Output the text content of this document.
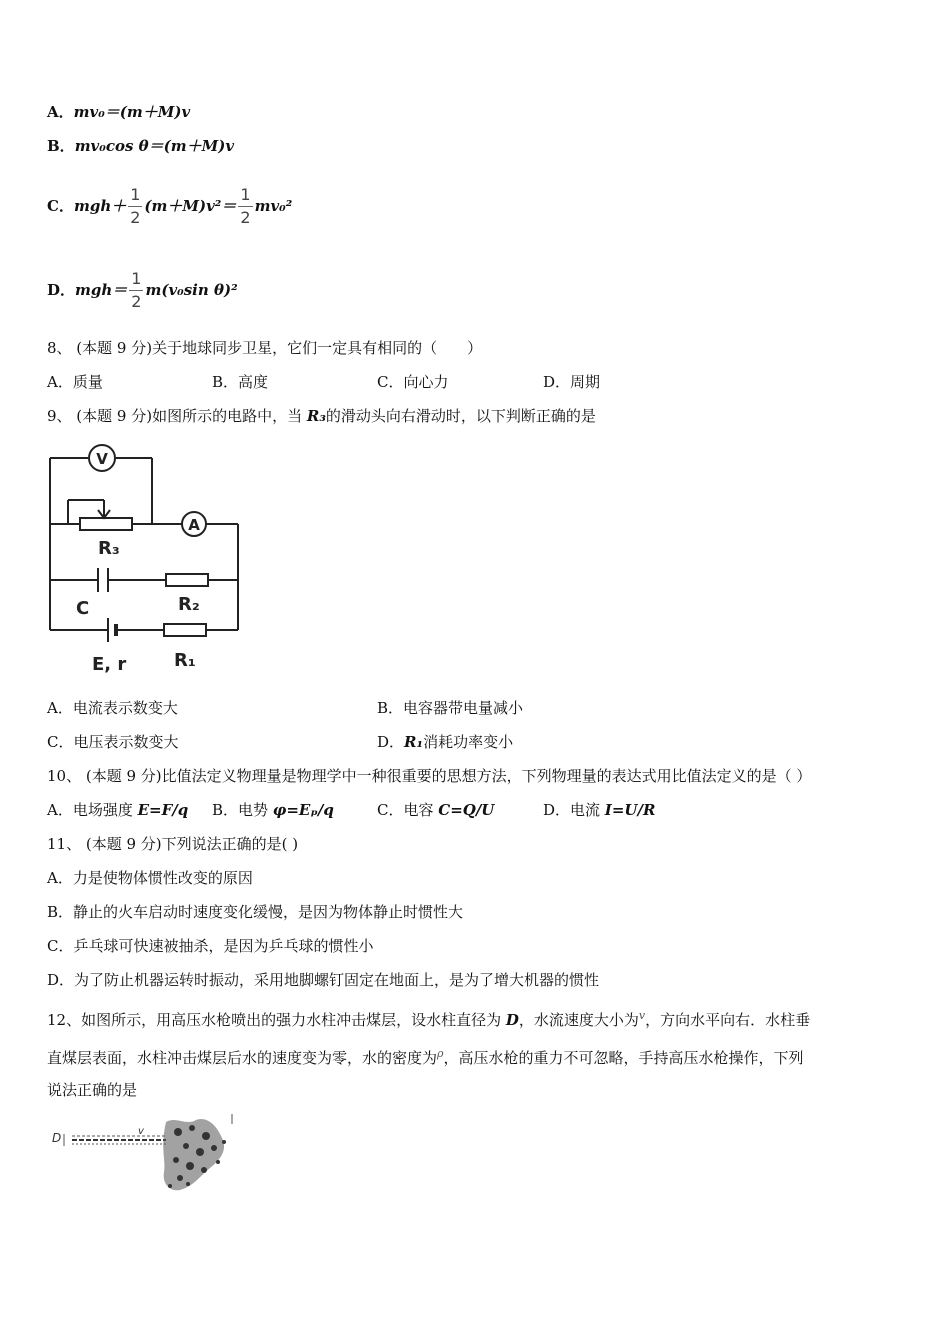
A．mv₀＝(m＋M)v
B．mv₀cos θ＝(m＋M)v
C． $mgh+ \frac{1}{2} (m+M)v^2= \frac{1}{2} mv_0^2$
D． $mgh= \frac{1}{2} m(v_0\sin$ θ)²
8、 (本题 9 分)关于地球同步卫星，它们一定具有相同的（　　）
A．质量	B．高度	C．向心力	D．周期
9、 (本题 9 分)如图所示的电路中，当 R₃的滑动头向右滑动时，以下判断正确的是
V
A
R₃
C	R₂
E, r	R₁
A．电流表示数变大	B．电容器带电量减小
C．电压表示数变大	D．R₁消耗功率变小
10、 (本题 9 分)比值法定义物理量是物理学中一种很重要的思想方法，下列物理量的表达式用比值法定义的是（ ）
A．电场强度 E=F/q B．电势 φ=Eₚ/q	C．电容 C=Q/U	D．电流 I=U/R
11、 (本题 9 分)下列说法正确的是( )
A．力是使物体惯性改变的原因
B．静止的火车启动时速度变化缓慢，是因为物体静止时惯性大
C．乒乓球可快速被抽杀，是因为乒乓球的惯性小
D．为了防止机器运转时振动，采用地脚螺钉固定在地面上，是为了增大机器的惯性
12、如图所示，用高压水枪喷出的强力水柱冲击煤层，设水柱直径为 D，水流速度大小为$^v$，方向水平向右．水柱垂
直煤层表面，水柱冲击煤层后水的速度变为零，水的密度为$^\rho$，高压水枪的重力不可忽略，手持高压水枪操作，下列
说法正确的是
D	v
